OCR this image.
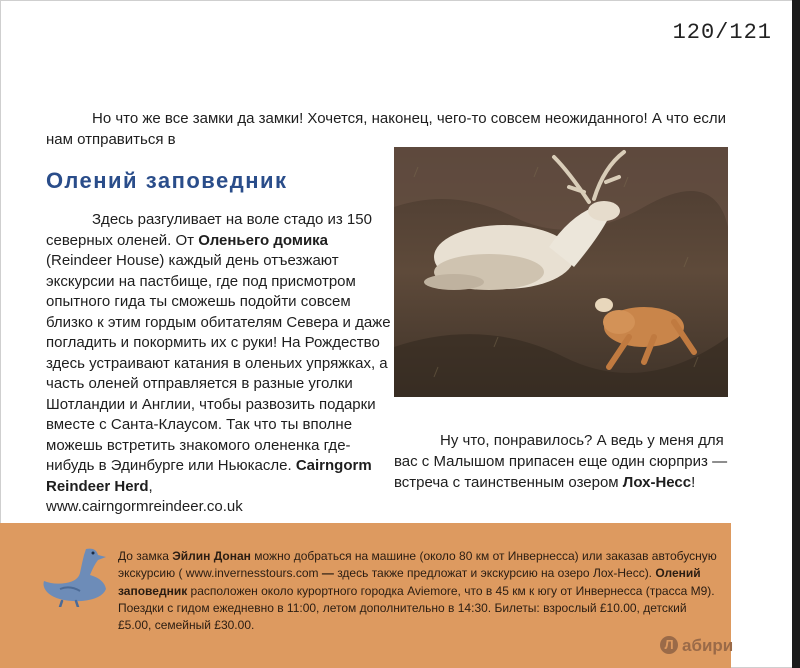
120/121
Но что же все замки да замки! Хочется, наконец, чего-то совсем неожиданного! А что если нам отправиться в
Олений заповедник
Здесь разгуливает на воле стадо из 150 северных оленей. От Оленьего домика (Reindeer House) каждый день отъезжают экскурсии на пастбище, где под присмотром опытного гида ты сможешь подойти совсем близко к этим гордым обитателям Севера и даже погладить и покормить их с руки! На Рождество здесь устраивают катания в оленьих упряжках, а часть оленей отправляется в разные уголки Шотландии и Англии, чтобы развозить подарки вместе с Санта-Клаусом. Так что ты вполне можешь встретить знакомого олененка где-нибудь в Эдинбурге или Ньюкасле. Cairngorm Reindeer Herd,
www.cairngormreindeer.co.uk
Ну что, понравилось? А ведь у меня для вас с Малышом припасен еще один сюрприз — встреча с таинственным озером Лох-Несс!
До замка Эйлин Донан можно добраться на машине (около 80 км от Инвернесса) или заказав автобусную экскурсию ( www.invernesstours.com — здесь также предложат и экскурсию на озеро Лох-Несс). Олений заповедник расположен около курортного городка Aviemore, что в 45 км к югу от Инвернесса (трасса M9). Поездки с гидом ежедневно в 11:00, летом дополнительно в 14:30. Билеты: взрослый £10.00, детский £5.00, семейный £30.00.
Л абири
